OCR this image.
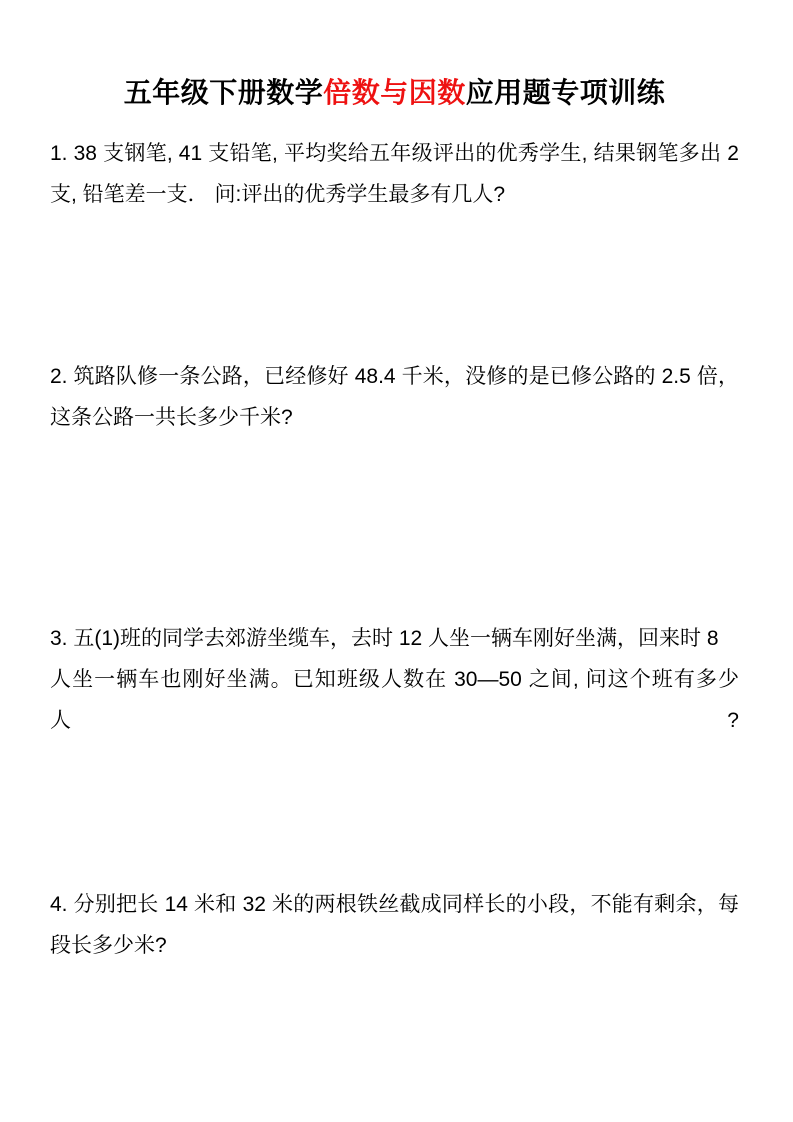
五年级下册数学倍数与因数应用题专项训练
1. 38 支钢笔, 41 支铅笔, 平均奖给五年级评出的优秀学生, 结果钢笔多出 2
支, 铅笔差一支． 问:评出的优秀学生最多有几人?
2. 筑路队修一条公路，已经修好 48.4 千米，没修的是已修公路的 2.5 倍，
这条公路一共长多少千米?
3. 五(1)班的同学去郊游坐缆车，去时 12 人坐一辆车刚好坐满，回来时 8
人坐一辆车也刚好坐满。已知班级人数在 30—50 之间, 问这个班有多少人?
4. 分别把长 14 米和 32 米的两根铁丝截成同样长的小段，不能有剩余，每
段长多少米?
